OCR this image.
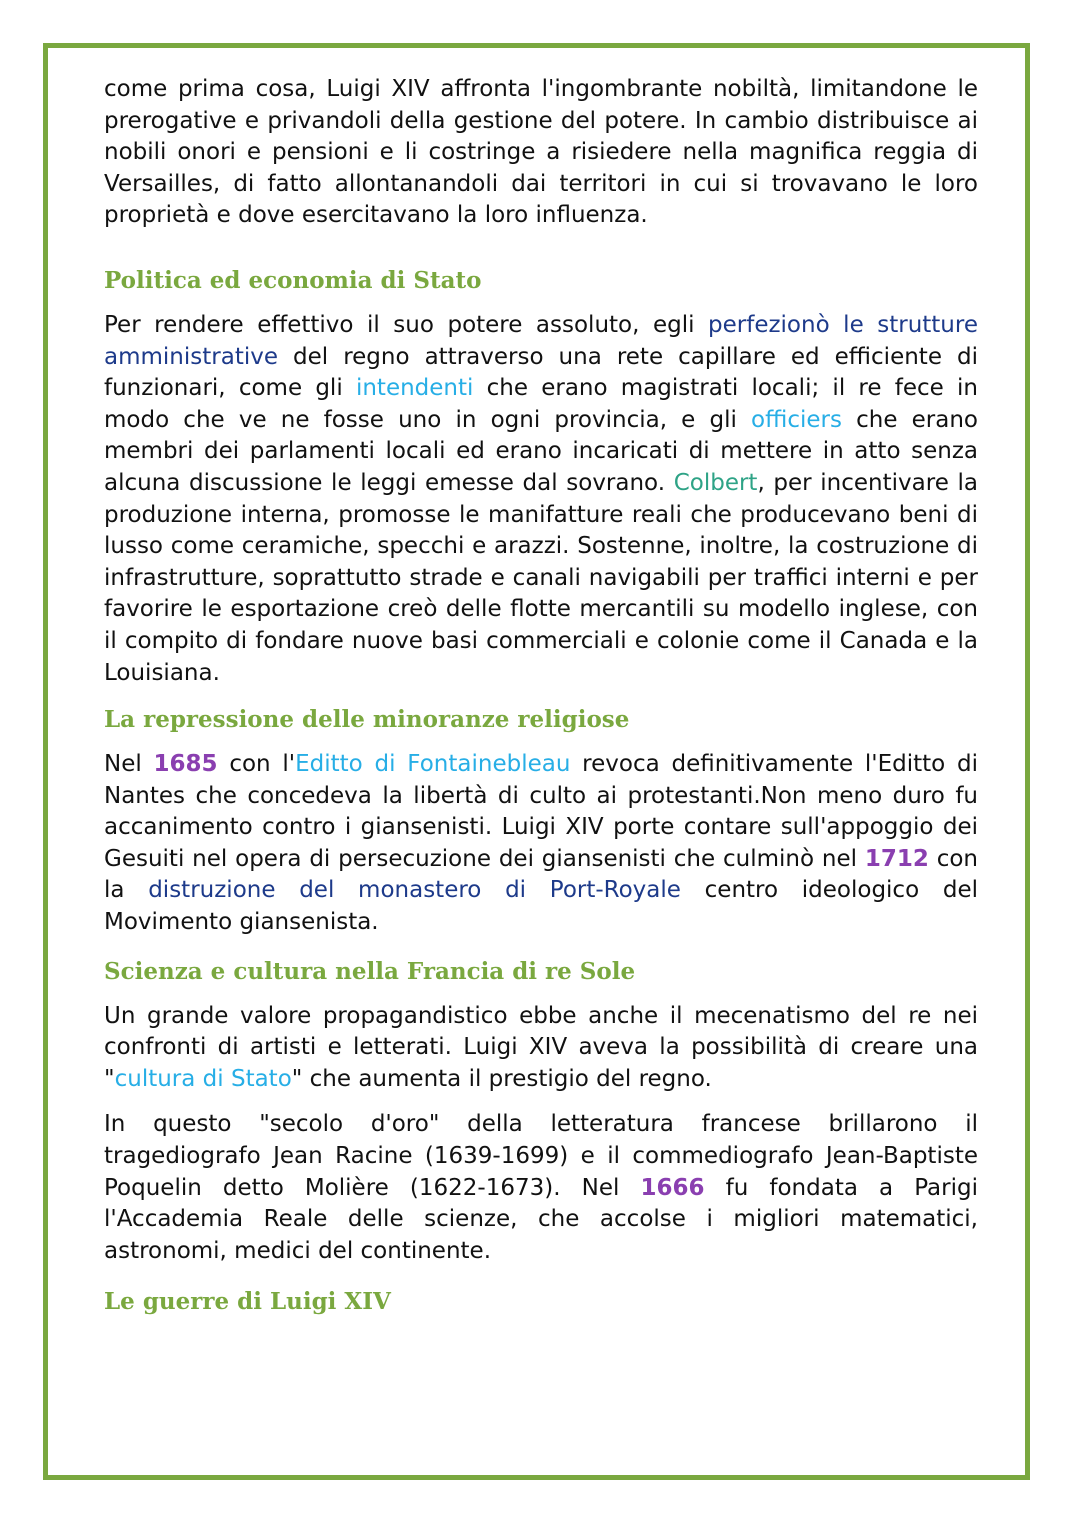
come prima cosa, Luigi XIV affronta l'ingombrante nobiltà, limitandone le prerogative e privandoli della gestione del potere. In cambio distribuisce ai nobili onori e pensioni e li costringe a risiedere nella magnifica reggia di Versailles, di fatto allontanandoli dai territori in cui si trovavano le loro proprietà e dove esercitavano la loro influenza.

Politica ed economia di Stato

Per rendere effettivo il suo potere assoluto, egli perfezionò le strutture amministrative del regno attraverso una rete capillare ed efficiente di funzionari, come gli intendenti che erano magistrati locali; il re fece in modo che ve ne fosse uno in ogni provincia, e gli officiers che erano membri dei parlamenti locali ed erano incaricati di mettere in atto senza alcuna discussione le leggi emesse dal sovrano. Colbert, per incentivare la produzione interna, promosse le manifatture reali che producevano beni di lusso come ceramiche, specchi e arazzi. Sostenne, inoltre, la costruzione di infrastrutture, soprattutto strade e canali navigabili per traffici interni e per favorire le esportazione creò delle flotte mercantili su modello inglese, con il compito di fondare nuove basi commerciali e colonie come il Canada e la Louisiana.

La repressione delle minoranze religiose

Nel 1685 con l'Editto di Fontainebleau revoca definitivamente l'Editto di Nantes che concedeva la libertà di culto ai protestanti.Non meno duro fu accanimento contro i giansenisti. Luigi XIV porte contare sull'appoggio dei Gesuiti nel opera di persecuzione dei giansenisti che culminò nel 1712 con la distruzione del monastero di Port-Royale centro ideologico del Movimento giansenista.

Scienza e cultura nella Francia di re Sole

Un grande valore propagandistico ebbe anche il mecenatismo del re nei confronti di artisti e letterati. Luigi XIV aveva la possibilità di creare una "cultura di Stato" che aumenta il prestigio del regno.

In questo "secolo d'oro" della letteratura francese brillarono il tragediografo Jean Racine (1639-1699) e il commediografo Jean-Baptiste Poquelin detto Molière (1622-1673). Nel 1666 fu fondata a Parigi l'Accademia Reale delle scienze, che accolse i migliori matematici, astronomi, medici del continente.

Le guerre di Luigi XIV
